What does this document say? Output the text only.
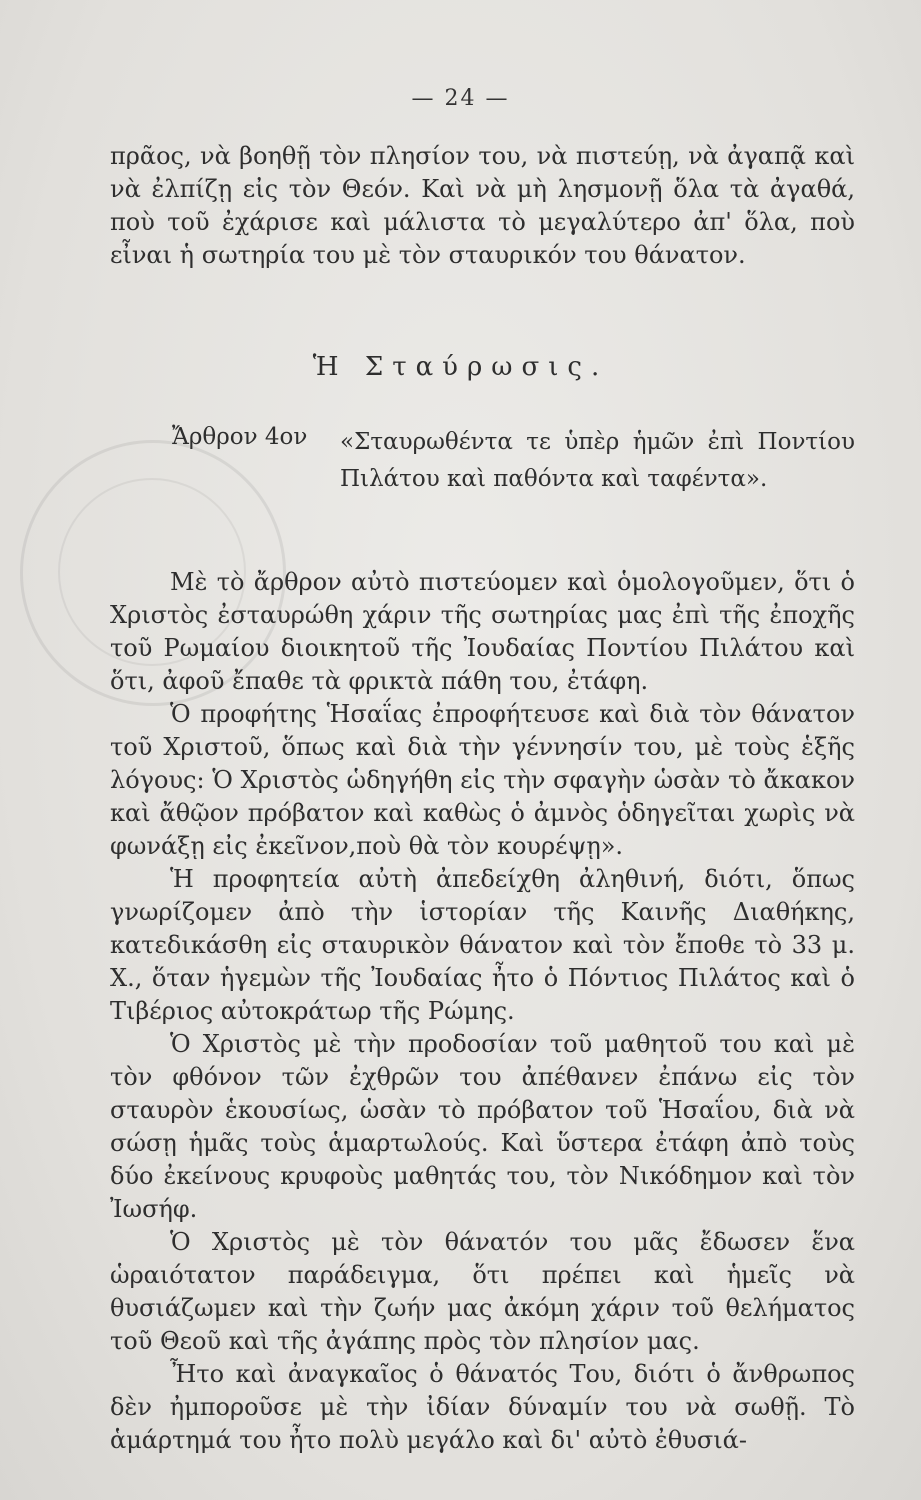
— 24 —

πρᾶος, νὰ βοηθῇ τὸν πλησίον του, νὰ πιστεύῃ, νὰ ἀγαπᾷ καὶ νὰ ἐλπίζῃ εἰς τὸν Θεόν. Καὶ νὰ μὴ λησμονῇ ὅλα τὰ ἀγαθά, ποὺ τοῦ ἐχάρισε καὶ μάλιστα τὸ μεγαλύτερο ἀπ' ὅλα, ποὺ εἶναι ἡ σωτηρία του μὲ τὸν σταυρικόν του θάνατον.

Ἡ Σταύρωσις.
Ἄρθρον 4ον «Σταυρωθέντα τε ὑπὲρ ἡμῶν ἐπὶ Ποντίου Πιλάτου καὶ παθόντα καὶ ταφέντα».

Μὲ τὸ ἄρθρον αὐτὸ πιστεύομεν καὶ ὁμολογοῦμεν, ὅτι ὁ Χριστὸς ἐσταυρώθη χάριν τῆς σωτηρίας μας ἐπὶ τῆς ἐποχῆς τοῦ Ρωμαίου διοικητοῦ τῆς Ἰουδαίας Ποντίου Πιλάτου καὶ ὅτι, ἀφοῦ ἔπαθε τὰ φρικτὰ πάθη του, ἐτάφη.

Ὁ προφήτης Ἡσαΐας ἐπροφήτευσε καὶ διὰ τὸν θάνατον τοῦ Χριστοῦ, ὅπως καὶ διὰ τὴν γέννησίν του, μὲ τοὺς ἑξῆς λόγους: Ὁ Χριστὸς ὡδηγήθη εἰς τὴν σφαγὴν ὡσὰν τὸ ἄκακον καὶ ἄθῷον πρόβατον καὶ καθὼς ὁ ἀμνὸς ὁδηγεῖται χωρὶς νὰ φωνάξῃ εἰς ἐκεῖνον,ποὺ θὰ τὸν κουρέψῃ».

Ἡ προφητεία αὐτὴ ἀπεδείχθη ἀληθινή, διότι, ὅπως γνωρίζομεν ἀπὸ τὴν ἱστορίαν τῆς Καινῆς Διαθήκης, κατεδικάσθη εἰς σταυρικὸν θάνατον καὶ τὸν ἔποθε τὸ 33 μ. Χ., ὅταν ἡγεμὼν τῆς Ἰουδαίας ἦτο ὁ Πόντιος Πιλάτος καὶ ὁ Τιβέριος αὐτοκράτωρ τῆς Ρώμης.

Ὁ Χριστὸς μὲ τὴν προδοσίαν τοῦ μαθητοῦ του καὶ μὲ τὸν φθόνον τῶν ἐχθρῶν του ἀπέθανεν ἐπάνω εἰς τὸν σταυρὸν ἑκουσίως, ὡσὰν τὸ πρόβατον τοῦ Ἡσαΐου, διὰ νὰ σώσῃ ἡμᾶς τοὺς ἁμαρτωλούς. Καὶ ὕστερα ἐτάφη ἀπὸ τοὺς δύο ἐκείνους κρυφοὺς μαθητάς του, τὸν Νικόδημον καὶ τὸν Ἰωσήφ.

Ὁ Χριστὸς μὲ τὸν θάνατόν του μᾶς ἔδωσεν ἕνα ὡραιότατον παράδειγμα, ὅτι πρέπει καὶ ἡμεῖς νὰ θυσιάζωμεν καὶ τὴν ζωήν μας ἀκόμη χάριν τοῦ θελήματος τοῦ Θεοῦ καὶ τῆς ἀγάπης πρὸς τὸν πλησίον μας.

Ἦτο καὶ ἀναγκαῖος ὁ θάνατός Του, διότι ὁ ἄνθρωπος δὲν ἠμποροῦσε μὲ τὴν ἰδίαν δύναμίν του νὰ σωθῇ. Τὸ ἁμάρτημά του ἦτο πολὺ μεγάλο καὶ δι' αὐτὸ ἐθυσιά-
